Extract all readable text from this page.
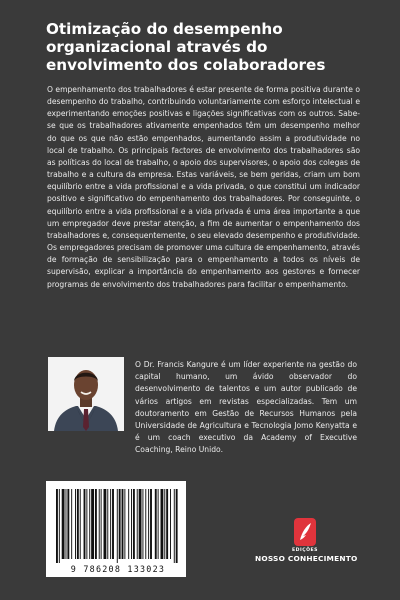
Otimização do desempenho organizacional através do envolvimento dos colaboradores

O empenhamento dos trabalhadores é estar presente de forma positiva durante o desempenho do trabalho, contribuindo voluntariamente com esforço intelectual e experimentando emoções positivas e ligações significativas com os outros. Sabe-se que os trabalhadores ativamente empenhados têm um desempenho melhor do que os que não estão empenhados, aumentando assim a produtividade no local de trabalho. Os principais factores de envolvimento dos trabalhadores são as políticas do local de trabalho, o apoio dos supervisores, o apoio dos colegas de trabalho e a cultura da empresa. Estas variáveis, se bem geridas, criam um bom equilíbrio entre a vida profissional e a vida privada, o que constitui um indicador positivo e significativo do empenhamento dos trabalhadores. Por conseguinte, o equilíbrio entre a vida profissional e a vida privada é uma área importante a que um empregador deve prestar atenção, a fim de aumentar o empenhamento dos trabalhadores e, consequentemente, o seu elevado desempenho e produtividade. Os empregadores precisam de promover uma cultura de empenhamento, através de formação de sensibilização para o empenhamento a todos os níveis de supervisão, explicar a importância do empenhamento aos gestores e fornecer programas de envolvimento dos trabalhadores para facilitar o empenhamento.

O Dr. Francis Kangure é um líder experiente na gestão do capital humano, um ávido observador do desenvolvimento de talentos e um autor publicado de vários artigos em revistas especializadas. Tem um doutoramento em Gestão de Recursos Humanos pela Universidade de Agricultura e Tecnologia Jomo Kenyatta e é um coach executivo da Academy of Executive Coaching, Reino Unido.

9 786208 133023
EDIÇÕES
NOSSO CONHECIMENTO
